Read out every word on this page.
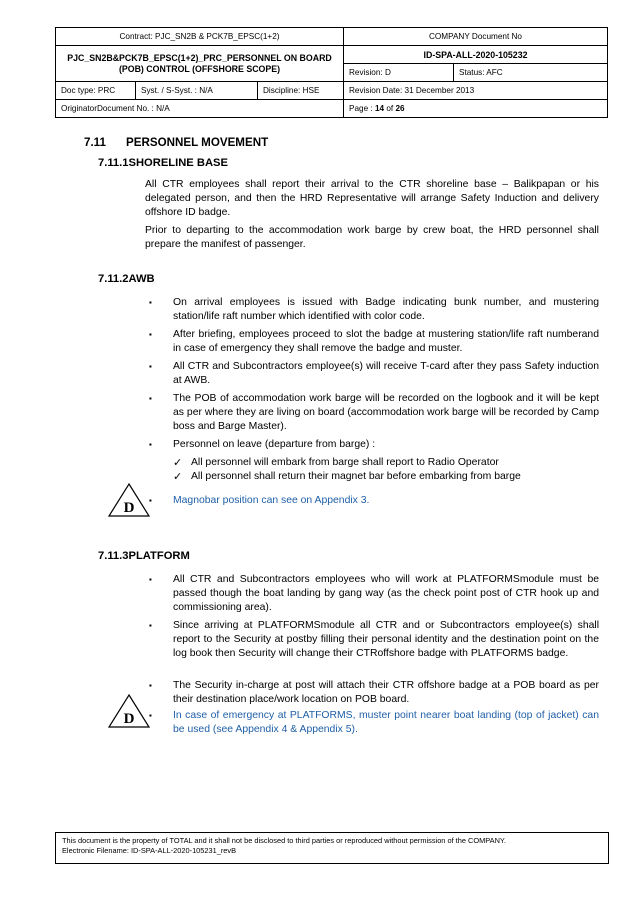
Contract: PJC_SN2B & PCK7B_EPSC(1+2)			COMPANY Document No	
PJC_SN2B&PCK7B_EPSC(1+2)_PRC_PERSONNEL ON BOARD (POB) CONTROL (OFFSHORE SCOPE)			ID-SPA-ALL-2020-105232	
			Revision: D	Status: AFC
Doc type: PRC	Syst. / S-Syst. : N/A	Discipline: HSE	Revision Date: 31 December 2013	
OriginatorDocument No. : N/A			Page : 14 of 26	
7.11 PERSONNEL MOVEMENT
7.11.1SHORELINE BASE

All CTR employees shall report their arrival to the CTR shoreline base – Balikpapan or his delegated person, and then the HRD Representative will arrange Safety Induction and delivery offshore ID badge.

Prior to departing to the accommodation work barge by crew boat, the HRD personnel shall prepare the manifest of passenger.

7.11.2AWB
▪ On arrival employees is issued with Badge indicating bunk number, and mustering station/life raft number which identified with color code.
▪ After briefing, employees proceed to slot the badge at mustering station/life raft numberand in case of emergency they shall remove the badge and muster.
▪ All CTR and Subcontractors employee(s) will receive T-card after they pass Safety induction at AWB.
▪ The POB of accommodation work barge will be recorded on the logbook and it will be kept as per where they are living on board (accommodation work barge will be recorded by Camp boss and Barge Master).
▪ Personnel on leave (departure from barge) :
✓ All personnel will embark from barge shall report to Radio Operator
✓ All personnel shall return their magnet bar before embarking from barge
D ▪ Magnobar position can see on Appendix 3.
7.11.3PLATFORM
▪ All CTR and Subcontractors employees who will work at PLATFORMSmodule must be passed though the boat landing by gang way (as the check point post of CTR hook up and commissioning area).
▪ Since arriving at PLATFORMSmodule all CTR and or Subcontractors employee(s) shall report to the Security at postby filling their personal identity and the destination point on the log book then Security will change their CTRoffshore badge with PLATFORMS badge.
▪ The Security in-charge at post will attach their CTR offshore badge at a POB board as per their destination place/work location on POB board.
D ▪ In case of emergency at PLATFORMS, muster point nearer boat landing (top of jacket) can be used (see Appendix 4 & Appendix 5).
This document is the property of TOTAL and it shall not be disclosed to third parties or reproduced without permission of the COMPANY.
Electronic Filename: ID-SPA-ALL-2020-105231_revB
